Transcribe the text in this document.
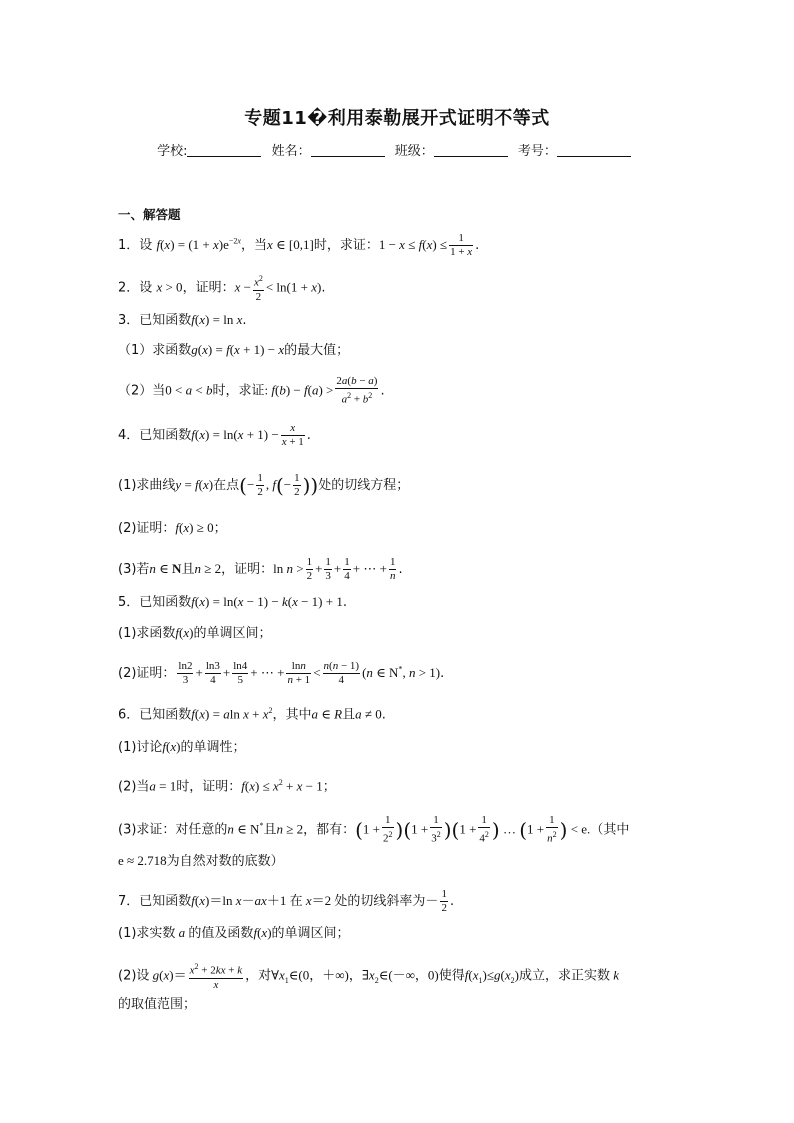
专题11�利用泰勒展开式证明不等式
学校:	姓名：	班级：	考号：
一、解答题
1．设 $f(x) = (1 + x)e^{-2x}$，当x ∈ [0,1]时，求证：$1 - x \le f(x) \le \frac{1}{1 + x}$ .
2．设 x > 0，证明：$x - \frac{x^2}{2} < \ln(1 + x)$.
3．已知函数f(x) = ln x.
（1）求函数g(x) = f(x + 1) − x的最大值；
（2）当0 < a < b时，求证: $f(b) - f(a) > \frac{2a(b - a)}{a^2 + b^2}$ .
4．已知函数$f(x) = \ln(x + 1) - \frac{x}{x + 1}$ .
(1)求曲线y = f(x)在点(− $\frac{1}{2}$ , $f(- \frac{1}{2}$ ))处的切线方程；
(2)证明：f(x) ≥ 0；
(3)若n ∈ N且n ≥ 2，证明：$\ln n > \frac{1}{2} + \frac{1}{3} + \frac{1}{4}$ + ⋯ + $\frac{1}{n}$ .
5．已知函数f(x) = ln(x − 1) − k(x − 1) + 1.
(1)求函数f(x)的单调区间；
(2)证明： $\frac{\ln 2}{3} + \frac{\ln 3}{4} + \frac{\ln 4}{5}$ + ⋯ + $\frac{\ln n}{n + 1} < \frac{n(n - 1)}{4} (n$ ∈ N*, n > 1).
6．已知函数f(x) = aln $x + x^2$，其中a ∈ R且a ≠ 0.
(1)讨论f(x)的单调性；
(2)当a = 1时，证明：$f(x) \le x^2 + x - 1$；
(3)求证：对任意的n ∈ N*且n ≥ 2，都有：$(1 + \frac{1}{2^2} )(1 + \frac{1}{3^2} )(1 + \frac{1}{4^2}$ ) … ($1 + \frac{1}{n^2}$ ) < e.（其中
e ≈ 2.718为自然对数的底数）
7．已知函数f(x)＝ln x－ax＋1 在 x＝2 处的切线斜率为－ $\frac{1}{2}$ .
(1)求实数 a 的值及函数f(x)的单调区间；
(2)设 $g(x)= \frac{x^2 + 2kx + k}{x}$ ，对$\forall x_1\in(0$，＋∞)，$\exists x_2\in(-\infty$，0)使得$f(x_1)\le g(x_2)$成立，求正实数 k
的取值范围；
